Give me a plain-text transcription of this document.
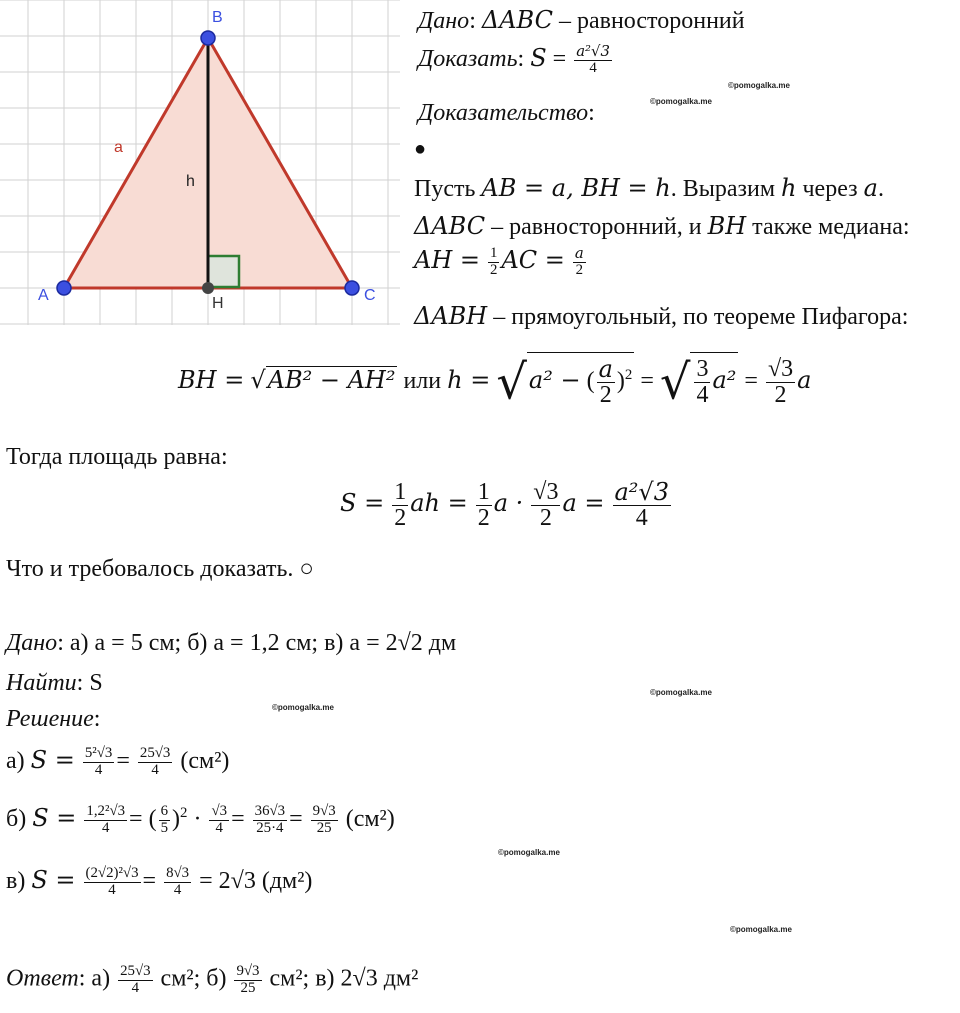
A
B
C
H
a
h
Дано: ΔABC – равносторонний
Доказать: $S = \frac{\text{a²√3}}{4}$
Доказательство:
●
Пусть AB = a, BH = h. Выразим h через a.
ΔABC – равносторонний, и BH также медиана:
AH = $\frac{1}{2}$ AC = $\frac{a}{2}$
ΔABH – прямоугольный, по теореме Пифагора:
BH = √AB² − AH² или h = √a² − ( $\frac{a}{2} )^2$ = √ $\frac{3}{4} a^2 = \frac{√3}{2}$ a
Тогда площадь равна:
$S = \frac{1}{2}$ ah = $\frac{1}{2}$ $a \cdot \frac{√3}{2}$ $a = \frac{\text{a²√3}}{4}$
Что и требовалось доказать. ○
Дано: а) a = 5 см; б) a = 1,2 см; в) a = 2√2 дм
Найти: S
Решение:
а) $S = \frac{\text{5²√3}}{4} = \frac{25√3}{4} (см^2)$
б) $S = \frac{\text{1,2²√3}}{4}$ = ( $\frac{6}{5} )^2 \cdot \frac{√3}{4} = \frac{36√3}{25\cdot 4} = \frac{9√3}{25} (см^2)$
в) $S = \frac{\text{(2√2)²√3}}{4} = \frac{8√3}{4} = 2√3$ (дм²)
Ответ: $а) \frac{25√3}{4} см^2$; $б) \frac{9√3}{25} см^2$; в) 2√3 дм²
©pomogalka.me
©pomogalka.me
©pomogalka.me
©pomogalka.me
©pomogalka.me
©pomogalka.me
